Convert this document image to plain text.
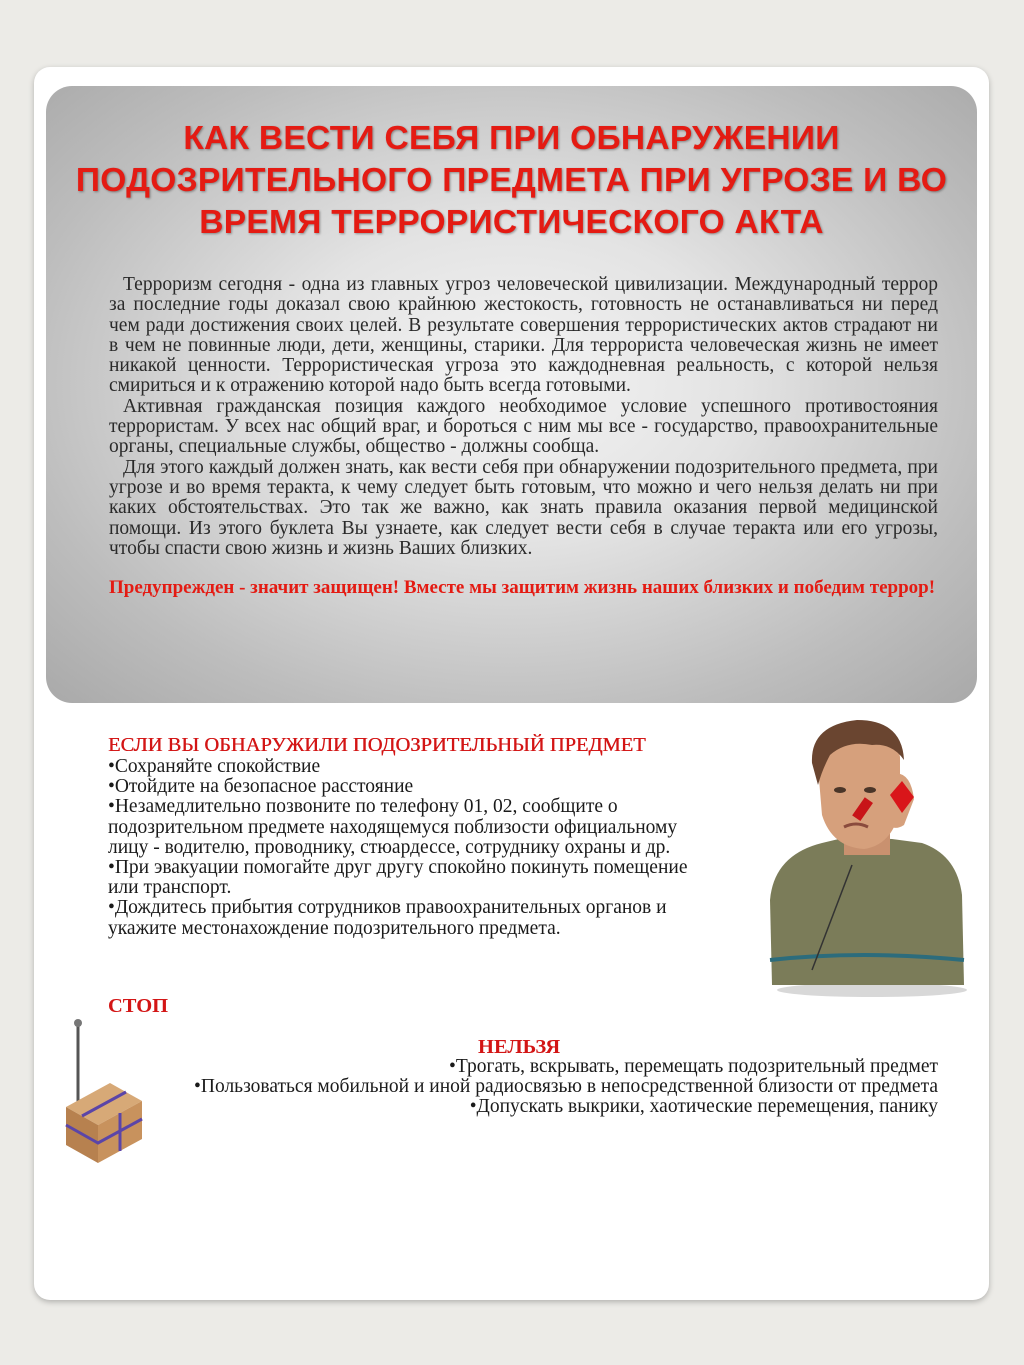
КАК ВЕСТИ СЕБЯ ПРИ ОБНАРУЖЕНИИ ПОДОЗРИТЕЛЬНОГО ПРЕДМЕТА ПРИ УГРОЗЕ И ВО ВРЕМЯ ТЕРРОРИСТИЧЕСКОГО АКТА

Терроризм сегодня - одна из главных угроз человеческой цивилизации. Международный террор за последние годы доказал свою крайнюю жестокость, готовность не останавливаться ни перед чем ради достижения своих целей. В результате совершения террористических актов страдают ни в чем не повинные люди, дети, женщины, старики. Для террориста человеческая жизнь не имеет никакой ценности. Террористическая угроза это каждодневная реальность, с которой нельзя смириться и к отражению которой надо быть всегда готовыми.

Активная гражданская позиция каждого необходимое условие успешного противостояния террористам. У всех нас общий враг, и бороться с ним мы все - государство, правоохранительные органы, специальные службы, общество - должны сообща.

Для этого каждый должен знать, как вести себя при обнаружении подозрительного предмета, при угрозе и во время теракта, к чему следует быть готовым, что можно и чего нельзя делать ни при каких обстоятельствах. Это так же важно, как знать правила оказания первой медицинской помощи. Из этого буклета Вы узнаете, как следует вести себя в случае теракта или его угрозы, чтобы спасти свою жизнь и жизнь Ваших близких.

Предупрежден - значит защищен! Вместе мы защитим жизнь наших близких и победим террор!

ЕСЛИ ВЫ ОБНАРУЖИЛИ ПОДОЗРИТЕЛЬНЫЙ ПРЕДМЕТ
• Сохраняйте спокойствие
• Отойдите на безопасное расстояние
• Незамедлительно позвоните по телефону 01, 02, сообщите о подозрительном предмете находящемуся поблизости официальному лицу - водителю, проводнику, стюардессе, сотруднику охраны и др.
• При эвакуации помогайте друг другу спокойно покинуть помещение или транспорт.
• Дождитесь прибытия сотрудников правоохранительных органов и укажите местонахождение подозрительного предмета.
СТОП
НЕЛЬЗЯ
• Трогать, вскрывать, перемещать подозрительный предмет
• Пользоваться мобильной и иной радиосвязью в непосредственной близости от предмета
• Допускать выкрики, хаотические перемещения, панику
